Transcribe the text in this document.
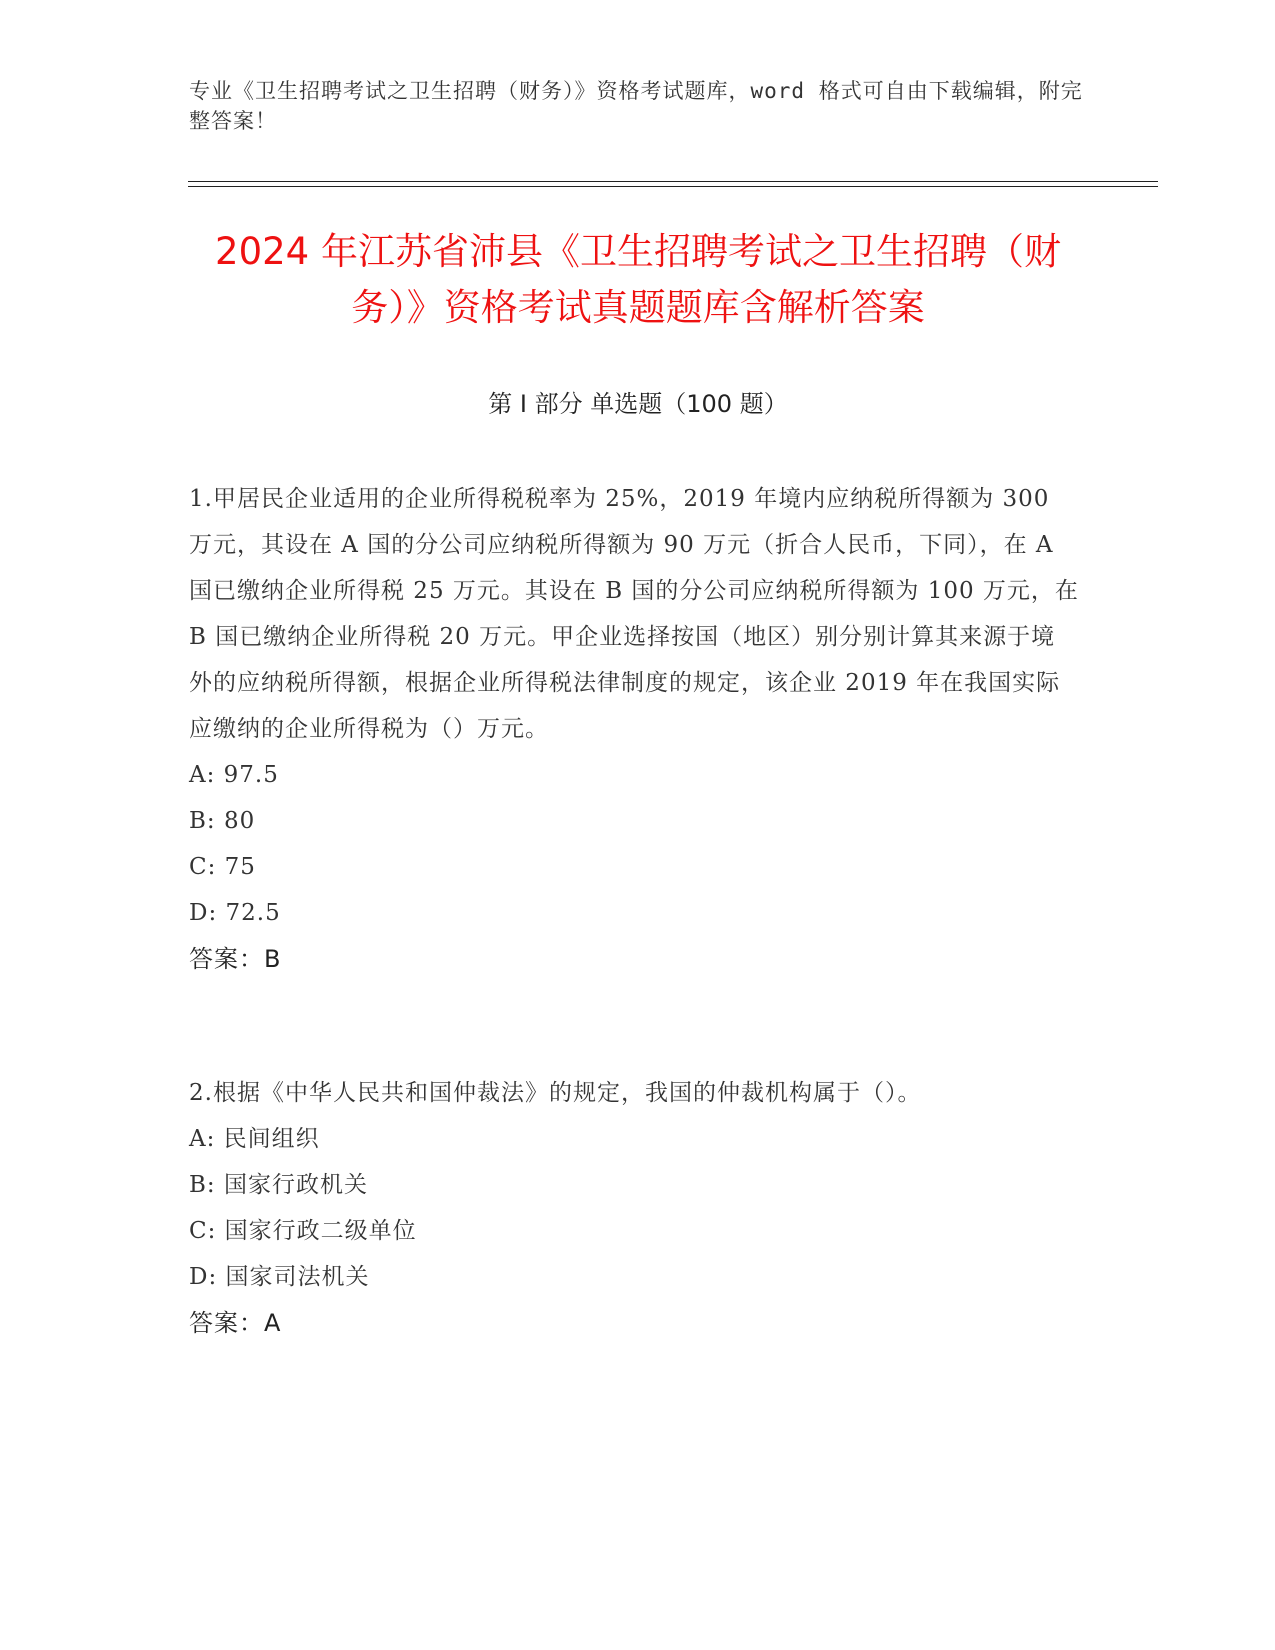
专业《卫生招聘考试之卫生招聘（财务）》资格考试题库，word 格式可自由下载编辑，附完整答案！
2024 年江苏省沛县《卫生招聘考试之卫生招聘（财务）》资格考试真题题库含解析答案
第 I 部分 单选题（100 题）
1.甲居民企业适用的企业所得税税率为 25%，2019 年境内应纳税所得额为 300 万元，其设在 A 国的分公司应纳税所得额为 90 万元（折合人民币，下同），在 A 国已缴纳企业所得税 25 万元。其设在 B 国的分公司应纳税所得额为 100 万元，在 B 国已缴纳企业所得税 20 万元。甲企业选择按国（地区）别分别计算其来源于境外的应纳税所得额，根据企业所得税法律制度的规定，该企业 2019 年在我国实际应缴纳的企业所得税为（）万元。
A: 97.5
B: 80
C: 75
D: 72.5
答案：B
2.根据《中华人民共和国仲裁法》的规定，我国的仲裁机构属于（）。
A: 民间组织
B: 国家行政机关
C: 国家行政二级单位
D: 国家司法机关
答案：A
